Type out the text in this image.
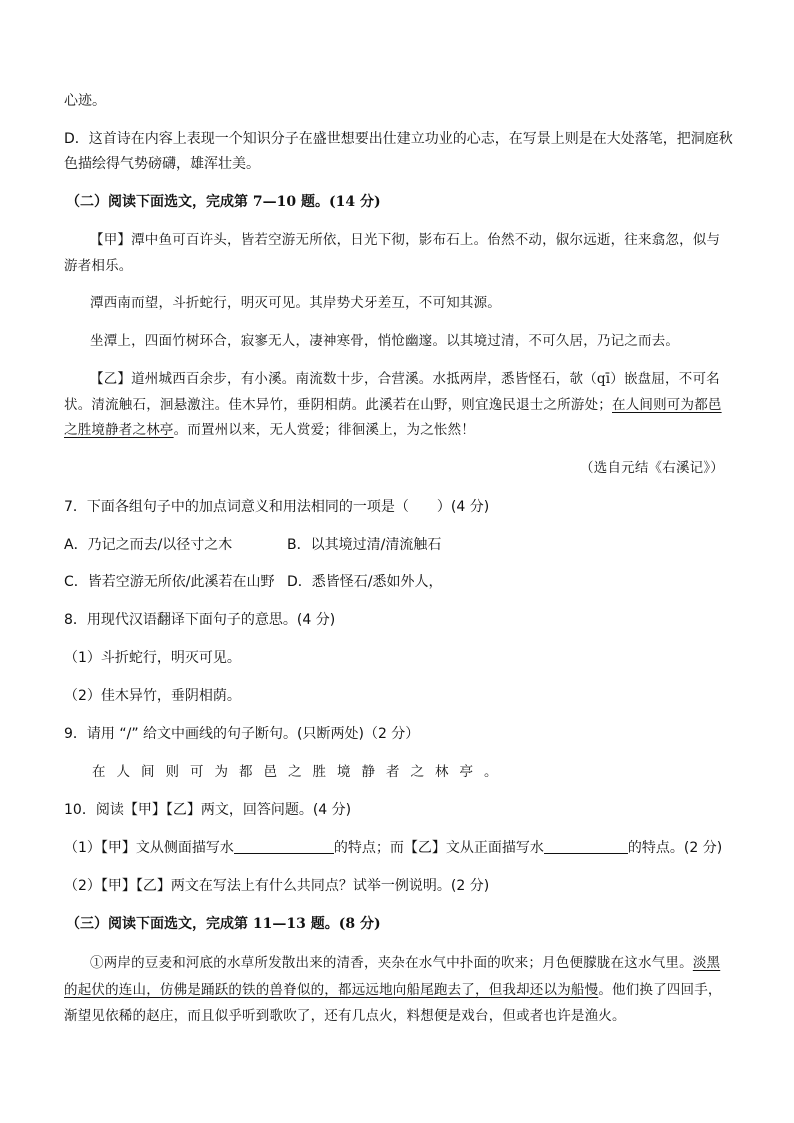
心迹。
D．这首诗在内容上表现一个知识分子在盛世想要出仕建立功业的心志，在写景上则是在大处落笔，把洞庭秋
色描绘得气势磅礴，雄浑壮美。
（二）阅读下面选文，完成第 7—10 题。(14 分)
【甲】潭中鱼可百许头，皆若空游无所依，日光下彻，影布石上。佁然不动，俶尔远逝，往来翕忽，似与
游者相乐。
潭西南而望，斗折蛇行，明灭可见。其岸势犬牙差互，不可知其源。
坐潭上，四面竹树环合，寂寥无人，凄神寒骨，悄怆幽邃。以其境过清，不可久居，乃记之而去。
【乙】道州城西百余步，有小溪。南流数十步，合营溪。水抵两岸，悉皆怪石，欹（qī）嵌盘屈，不可名
状。清流触石，洄悬激注。佳木异竹，垂阴相荫。此溪若在山野，则宜逸民退士之所游处；在人间则可为都邑
之胜境静者之林亭。而置州以来，无人赏爱；徘徊溪上，为之怅然！
（选自元结《右溪记》）
7．下面各组句子中的加点词意义和用法相同的一项是（　　）(4 分)
A．乃记之而去/以径寸之木	B．以其境过清/清流触石
C．皆若空游无所依/此溪若在山野 D．悉皆怪石/悉如外人，
8．用现代汉语翻译下面句子的意思。(4 分)
（1）斗折蛇行，明灭可见。
（2）佳木异竹，垂阴相荫。
9．请用 “/” 给文中画线的句子断句。(只断两处)（2 分）
在人间则可为都邑之胜境静者之林亭。
10．阅读【甲】【乙】两文，回答问题。(4 分)
（1）【甲】文从侧面描写水	的特点；而【乙】文从正面描写水	的特点。(2 分)
（2）【甲】【乙】两文在写法上有什么共同点？试举一例说明。(2 分)
（三）阅读下面选文，完成第 11—13 题。(8 分)
①两岸的豆麦和河底的水草所发散出来的清香，夹杂在水气中扑面的吹来；月色便朦胧在这水气里。淡黑
的起伏的连山，仿佛是踊跃的铁的兽脊似的，都远远地向船尾跑去了，但我却还以为船慢。他们换了四回手，
渐望见依稀的赵庄，而且似乎听到歌吹了，还有几点火，料想便是戏台，但或者也许是渔火。
